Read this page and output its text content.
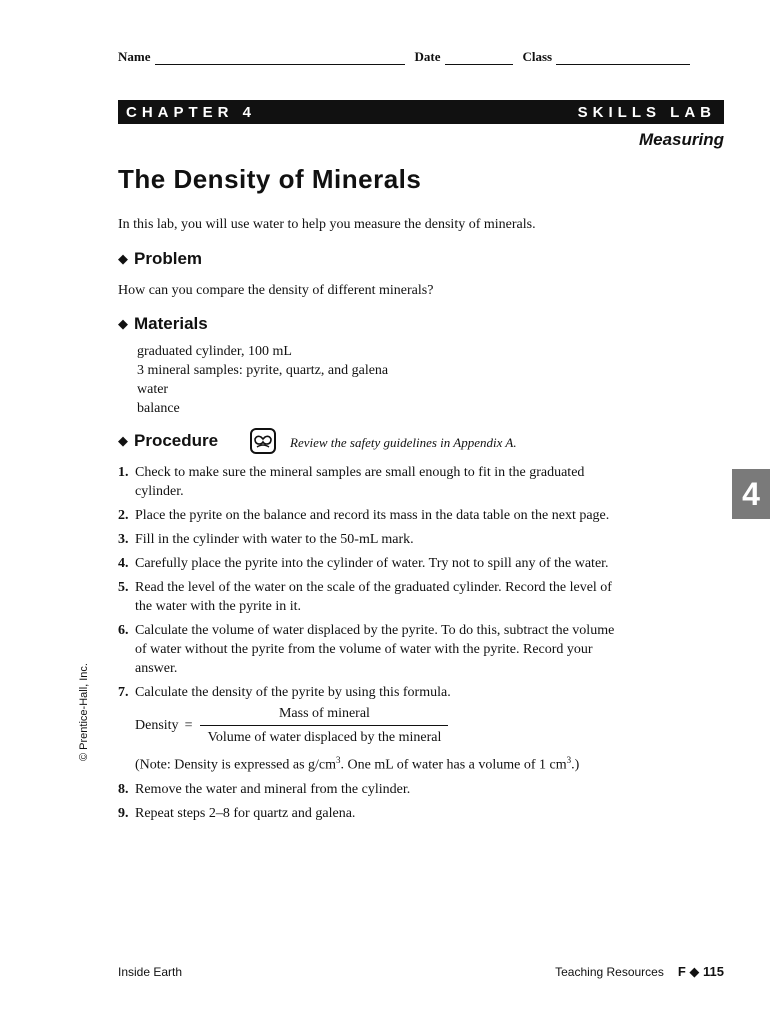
Name	Date	Class
CHAPTER 4	SKILLS LAB
Measuring
The Density of Minerals
In this lab, you will use water to help you measure the density of minerals.
◆ Problem
How can you compare the density of different minerals?
◆ Materials
graduated cylinder, 100 mL
3 mineral samples: pyrite, quartz, and galena
water
balance
◆ Procedure	Review the safety guidelines in Appendix A.
1. Check to make sure the mineral samples are small enough to fit in the graduated cylinder.
2. Place the pyrite on the balance and record its mass in the data table on the next page.
3. Fill in the cylinder with water to the 50-mL mark.
4. Carefully place the pyrite into the cylinder of water. Try not to spill any of the water.
5. Read the level of the water on the scale of the graduated cylinder. Record the level of the water with the pyrite in it.
6. Calculate the volume of water displaced by the pyrite. To do this, subtract the volume of water without the pyrite from the volume of water with the pyrite. Record your answer.
7. Calculate the density of the pyrite by using this formula.
Density = $\frac{\text{Mass of mineral}}{\text{Volume of water displaced by the mineral}}$
(Note: Density is expressed as $g/cm^3$. One mL of water has a volume of 1 $cm^3$.)
8. Remove the water and mineral from the cylinder.
9. Repeat steps 2–8 for quartz and galena.
4
© Prentice-Hall, Inc.
Inside Earth	Teaching Resources F ◆ 115
